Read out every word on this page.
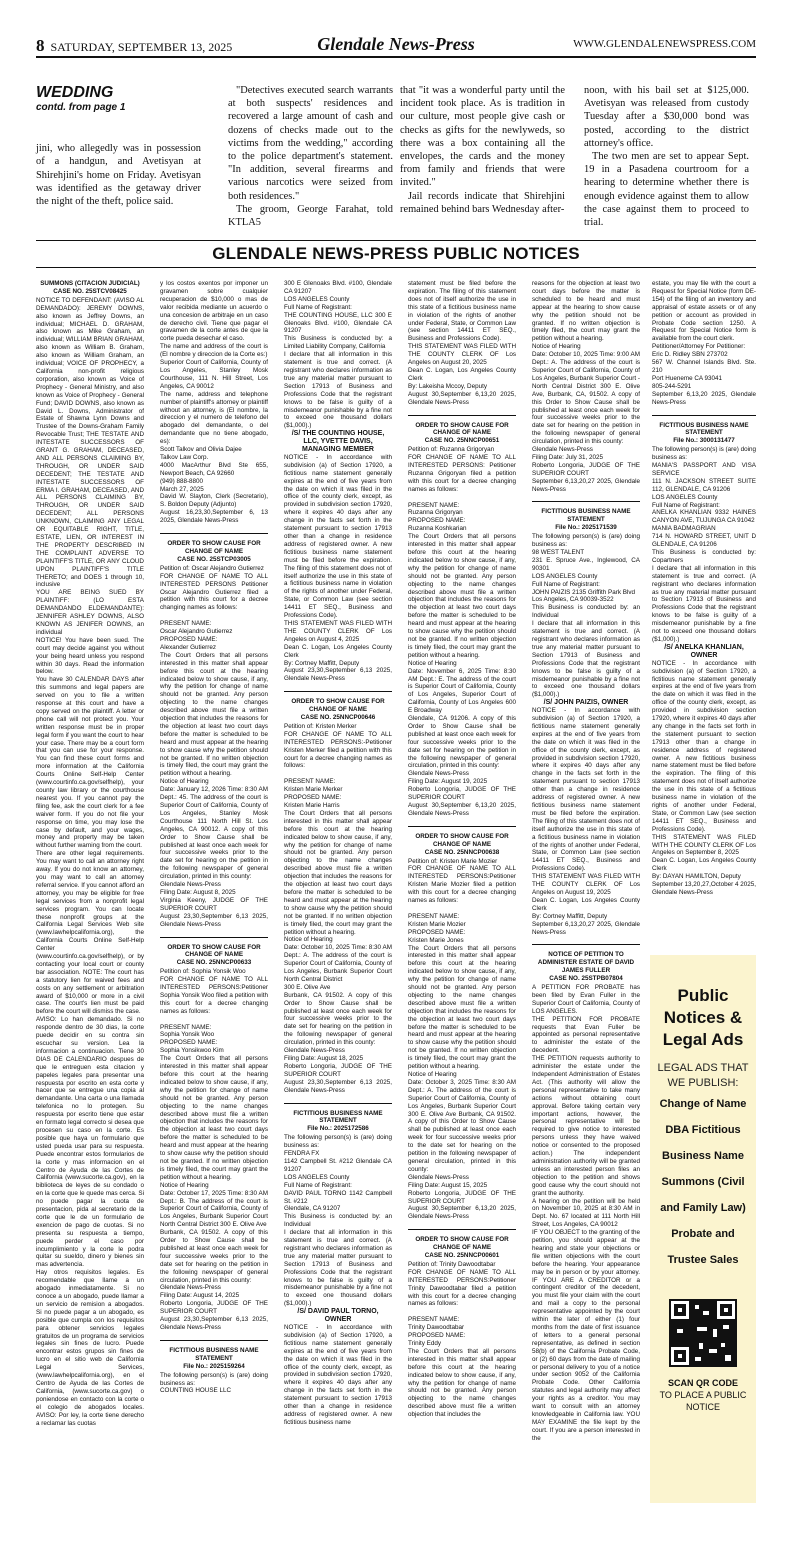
8 SATURDAY, SEPTEMBER 13, 2025	Glendale News-Press	WWW.GLENDALENEWSPRESS.COM
WEDDING
contd. from page 1

jini, who allegedly was in possession of a handgun, and Avetisyan at Shirehjini's home on Friday. Avetisyan was identified as the getaway driver the night of the theft, police said.

"Detectives executed search warrants at both suspects' residences and recovered a large amount of cash and dozens of checks made out to the victims from the wedding," according to the police department's statement. "In addition, several firearms and various narcotics were seized from both residences."

The groom, George Farahat, told KTLA5

that "it was a wonderful party until the incident took place. As is tradition in our culture, most people give cash or checks as gifts for the newlyweds, so there was a box containing all the envelopes, the cards and the money from family and friends that were invited."

Jail records indicate that Shirehjini remained behind bars Wednesday after-

noon, with his bail set at $125,000. Avetisyan was released from custody Tuesday after a $30,000 bond was posted, according to the district attorney's office.

The two men are set to appear Sept. 19 in a Pasadena courtroom for a hearing to determine whether there is enough evidence against them to allow the case against them to proceed to trial.

GLENDALE NEWS-PRESS PUBLIC NOTICES
SUMMONS (CITACION JUDICIAL)
CASE NO. 25STCV08425
NOTICE TO DEFENDANT: (AVISO AL DEMANDADO): JEREMY DOWNS, also known as Jeffrey Downs, an individual; MICHAEL D. GRAHAM, also known as Mike Graham, an individual; WILLIAM BRIAN GRAHAM, also known as William B. Graham, also known as William Graham, an individual; VOICE OF PROPHECY, a California non-profit religious corporation, also known as Voice of Prophecy - General Ministry, and also known as Voice of Prophecy - General Fund; DAVID DOWNS, also known as David L. Downs, Administrator of Estate of Shawna Lynn Downs and Trustee of the Downs-Graham Family Revocable Trust; THE TESTATE AND INTESTATE SUCCESSORS OF GRANT G. GRAHAM, DECEASED, AND ALL PERSONS CLAIMING BY, THROUGH, OR UNDER SAID DECEDENT; THE TESTATE AND INTESTATE SUCCESSORS OF ERMA I. GRAHAM, DECEASED, AND ALL PERSONS CLAIMING BY, THROUGH, OR UNDER SAID DECEDENT; ALL PERSONS UNKNOWN, CLAIMING ANY LEGAL OR EQUITABLE RIGHT, TITLE, ESTATE, LIEN, OR INTEREST IN THE PROPERTY DESCRIBED IN THE COMPLAINT ADVERSE TO PLAINTIFF'S TITLE, OR ANY CLOUD UPON PLAINTIFF'S TITLE THERETO; and DOES 1 through 10, inclusive
YOU ARE BEING SUED BY PLAINTIFF: (LO ESTA DEMANDANDO ELDEMANDANTE): JENNIFER ASHLEY DOWNS, ALSO KNOWN AS JENIFER DOWNS, an individual
NOTICE! You have been sued. The court may decide against you without your being heard unless you respond within 30 days. Read the information below.
You have 30 CALENDAR DAYS after this summons and legal papers are served on you to file a written response at this court and have a copy served on the plaintiff. A letter or phone call will not protect you. Your written response must be in proper legal form if you want the court to hear your case. There may be a court form that you can use for your response. You can find these court forms and more information at the California Courts Online Self-Help Center (www.courtinfo.ca.gov/selfhelp), your county law library or the courthouse nearest you. If you cannot pay the filing fee, ask the court clerk for a fee waiver form. If you do not file your response on time, you may lose the case by default, and your wages, money and property may be taken without further warning from the court.
There are other legal requirements. You may want to call an attorney right away. If you do not know an attorney, you may want to call an attorney referral service. If you cannot afford an attorney, you may be eligible for free legal services from a nonprofit legal services program. You can locate these nonprofit groups at the California Legal Services Web site (www.lawhelpcalifornia.org), the California Courts Online Self-Help Center (www.courtinfo.ca.gov/selfhelp), or by contacting your local court or county bar association. NOTE: The court has a statutory lien for waived fees and costs on any settlement or arbitration award of $10,000 or more in a civil case. The court's lien must be paid before the court will dismiss the case.
AVISO: Lo han demandado. Si no responde dentro de 30 dias, la corte puede decidir en su contra sin escuchar su version. Lea la informacion a continuacion. Tiene 30 DIAS DE CALENDARIO despues de que le entreguen esta citacion y papeles legales para presentar una respuesta por escrito en esta corte y hacer que se entregue una copia al demandante. Una carta o una llamada telefonica no lo protegen. Su respuesta por escrito tiene que estar en formato legal correcto si desea que procesen su caso en la corte. Es posible que haya un formulario que usted pueda usar para su respuesta. Puede encontrar estos formularios de la corte y mas informacion en el Centro de Ayuda de las Cortes de California (www.sucorte.ca.gov), en la biblioteca de leyes de su condado o en la corte que le quede mas cerca. Si no puede pagar la cuota de presentacion, pida al secretario de la corte que le de un formulario de exencion de pago de cuotas. Si no presenta su respuesta a tiempo, puede perder el caso por incumplimiento y la corte le podra quitar su sueldo, dinero y bienes sin mas advertencia.
Hay otros requisitos legales. Es recomendable que llame a un abogado inmediatamente. Si no conoce a un abogado, puede llamar a un servicio de remision a abogados. Si no puede pagar a un abogado, es posible que cumpla con los requisitos para obtener servicios legales gratuitos de un programa de servicios legales sin fines de lucro. Puede encontrar estos grupos sin fines de lucro en el sitio web de California Legal Services, (www.lawhelpcalifornia.org), en el Centro de Ayuda de las Cortes de California, (www.sucorte.ca.gov) o poniendose en contacto con la corte o el colegio de abogados locales. AVISO: Por ley, la corte tiene derecho a reclamar las cuotas
y los costos exentos por imponer un gravamen sobre cualquier recuperacion de $10,000 o mas de valor recibida mediante un acuerdo o una concesion de arbitraje en un caso de derecho civil. Tiene que pagar el gravamen de la corte antes de que la corte pueda desechar el caso.
The name and address of the court is (El nombre y direccion de la Corte es:)
Superior Court of California, County of Los Angeles, Stanley Mosk Courthouse, 111 N. Hill Street, Los Angeles, CA 90012
The name, address and telephone number of plaintiff's attorney or plaintiff without an attorney, is (El nombre, la direccion y el numero de telefono del abogado del demandante, o del demandante que no tiene abogado, es):
Scott Talkov and Olivia Dajee
Talkov Law Corp.
4000 MacArthur Blvd Ste 655, Newport Beach, CA 92660
(949) 888-8800
March 27, 2025
David W. Slayton, Clerk (Secretario), S. Boldon Deputy (Adjunto)
August 16,23,30,September 6, 13 2025, Glendale News-Press
ORDER TO SHOW CAUSE FOR CHANGE OF NAME
CASE NO. 25STCP03005
Petition of: Oscar Alejandro Gutierrez
FOR CHANGE OF NAME TO ALL INTERESTED PERSONS Petitioner Oscar Alejandro Gutierrez filed a petition with this court for a decree changing names as follows:

PRESENT NAME:
Oscar Alejandro Gutierrez
PROPOSED NAME:
Alexander Gutierrez
The Court Orders that all persons interested in this matter shall appear before this court at the hearing indicated below to show cause, if any, why the petition for change of name should not be granted. Any person objecting to the name changes described above must file a written objection that includes the reasons for the objection at least two court days before the matter is scheduled to be heard and must appear at the hearing to show cause why the petition should not be granted. If no written objection is timely filed, the court may grant the petition without a hearing.
Notice of Hearing
Date: January 12, 2026 Time: 8:30 AM Dept.: 45. The address of the court is Superior Court of California, County of Los Angeles, Stanley Mosk Courthouse 111 North Hill St. Los Angeles, CA 90012. A copy of this Order to Show Cause shall be published at least once each week for four successive weeks prior to the date set for hearing on the petition in the following newspaper of general circulation, printed in this county:
Glendale News-Press
Filing Date: August 8, 2025
Virginia Keeny, JUDGE OF THE SUPERIOR COURT
August 23,30,September 6,13 2025, Glendale News-Press
ORDER TO SHOW CAUSE FOR CHANGE OF NAME
CASE NO. 25NNCP00633
Petition of: Sophia Yonsik Woo
FOR CHANGE OF NAME TO ALL INTERESTED PERSONS:Petitioner Sophia Yonsik Woo filed a petition with this court for a decree changing names as follows:

PRESENT NAME:
Sophia Yonsik Woo
PROPOSED NAME:
Sophia Yonsikwoo Kim
The Court Orders that all persons interested in this matter shall appear before this court at the hearing indicated below to show cause, if any, why the petition for change of name should not be granted. Any person objecting to the name changes described above must file a written objection that includes the reasons for the objection at least two court days before the matter is scheduled to be heard and must appear at the hearing to show cause why the petition should not be granted. If no written objection is timely filed, the court may grant the petition without a hearing.
Notice of Hearing
Date: October 17, 2025 Time: 8:30 AM Dept.: B. The address of the court is Superior Court of California, County of Los Angeles, Burbank Superior Court North Central District 300 E. Olive Ave
Burbank, CA 91502. A copy of this Order to Show Cause shall be published at least once each week for four successive weeks prior to the date set for hearing on the petition in the following newspaper of general circulation, printed in this county:
Glendale News-Press
Filing Date: August 14, 2025
Roberto Longoria, JUDGE OF THE SUPERIOR COURT
August 23,30,September 6,13 2025, Glendale News-Press
FICTITIOUS BUSINESS NAME STATEMENT
File No.: 2025159264
The following person(s) is (are) doing business as:
COUNTING HOUSE LLC
300 E Glenoaks Blvd. #100, Glendale CA 91207
LOS ANGELES County
Full Name of Registrant:
THE COUNTING HOUSE, LLC 300 E Glenoaks Blvd. #100, Glendale CA 91207
This Business is conducted by: a Limited Liability Company, California
I declare that all information in this statement is true and correct. (A registrant who declares information as true any material matter pursuant to Section 17913 of Business and Professions Code that the registrant knows to be false is guilty of a misdemeanor punishable by a fine not to exceed one thousand dollars ($1,000).)
/S/ THE COUNTING HOUSE, LLC, YVETTE DAVIS, MANAGING MEMBER
NOTICE - In accordance with subdivision (a) of Section 17920, a fictitious name statement generally expires at the end of five years from the date on which it was filed in the office of the county clerk, except, as provided in subdivision section 17920, where it expires 40 days after any change in the facts set forth in the statement pursuant to section 17913 other than a change in residence address of registered owner. A new fictitious business name statement must be filed before the expiration. The filing of this statement does not of itself authorize the use in this state of a fictitious business name in violation of the rights of another under Federal, State, or Common Law (see section 14411 ET SEQ., Business and Professions Code).
THIS STATEMENT WAS FILED WITH THE COUNTY CLERK OF Los Angeles on August 4, 2025
Dean C. Logan, Los Angeles County Clerk
By: Cortney Maffitt, Deputy
August 23,30,September 6,13 2025, Glendale News-Press
ORDER TO SHOW CAUSE FOR CHANGE OF NAME
CASE NO. 25NNCP00646
Petition of: Kristen Merker
FOR CHANGE OF NAME TO ALL INTERESTED PERSONS:-Petitioner Kristen Merker filed a petition with this court for a decree changing names as follows:

PRESENT NAME:
Kristen Marie Merker
PROPOSED NAME:
Kristen Marie Harris
The Court Orders that all persons interested in this matter shall appear before this court at the hearing indicated below to show cause, if any, why the petition for change of name should not be granted. Any person objecting to the name changes described above must file a written objection that includes the reasons for the objection at least two court days before the matter is scheduled to be heard and must appear at the hearing to show cause why the petition should not be granted. If no written objection is timely filed, the court may grant the petition without a hearing.
Notice of Hearing
Date: October 10, 2025 Time: 8:30 AM Dept.: A. The address of the court is Superior Court of California, County of Los Angeles, Burbank Superior Court North Central District
300 E. Olive Ave
Burbank, CA 91502. A copy of this Order to Show Cause shall be published at least once each week for four successive weeks prior to the date set for hearing on the petition in the following newspaper of general circulation, printed in this county:
Glendale News-Press
Filing Date: August 18, 2025
Roberto Longoria, JUDGE OF THE SUPERIOR COURT
August 23,30,September 6,13 2025, Glendale News-Press
FICTITIOUS BUSINESS NAME STATEMENT
File No.: 2025172586
The following person(s) is (are) doing business as:
FENDRA FX
1142 Campbell St. #212 Glendale CA 91207
LOS ANGELES County
Full Name of Registrant:
DAVID PAUL TORNO 1142 Campbell St. #212
Glendale, CA 91207
This Business is conducted by: an Individual
I declare that all information in this statement is true and correct. (A registrant who declares information as true any material matter pursuant to Section 17913 of Business and Professions Code that the registrant knows to be false is guilty of a misdemeanor punishable by a fine not to exceed one thousand dollars ($1,000).)
/S/ DAVID PAUL TORNO, OWNER
NOTICE - In accordance with subdivision (a) of Section 17920, a fictitious name statement generally expires at the end of five years from the date on which it was filed in the office of the county clerk, except, as provided in subdivision section 17920, where it expires 40 days after any change in the facts set forth in the statement pursuant to section 17913 other than a change in residence address of registered owner. A new fictitious business name
statement must be filed before the expiration. The filing of this statement does not of itself authorize the use in this state of a fictitious business name in violation of the rights of another under Federal, State, or Common Law (see section 14411 ET SEQ., Business and Professions Code).
THIS STATEMENT WAS FILED WITH THE COUNTY CLERK OF Los Angeles on August 20, 2025
Dean C. Logan, Los Angeles County Clerk
By: Lakeisha Mccoy, Deputy
August 30,September 6,13,20 2025, Glendale News-Press
ORDER TO SHOW CAUSE FOR CHANGE OF NAME
CASE NO. 25NNCP00651
Petition of: Ruzanna Grigoryan
FOR CHANGE OF NAME TO ALL INTERESTED PERSONS: Petitioner Ruzanna Grigoryan filed a petition with this court for a decree changing names as follows:

PRESENT NAME:
Ruzanna Grigoryan
PROPOSED NAME:
Ruzanna Koshkarian
The Court Orders that all persons interested in this matter shall appear before this court at the hearing indicated below to show cause, if any, why the petition for change of name should not be granted. Any person objecting to the name changes described above must file a written objection that includes the reasons for the objection at least two court days before the matter is scheduled to be heard and must appear at the hearing to show cause why the petition should not be granted. If no written objection is timely filed, the court may grant the petition without a hearing.
Notice of Hearing
Date: November 6, 2025 Time: 8:30 AM Dept.: E. The address of the court is Superior Court of California, County of Los Angeles, Superior Court of California, County of Los Angeles 600 E Broadway
Glendale, CA 91206. A copy of this Order to Show Cause shall be published at least once each week for four successive weeks prior to the date set for hearing on the petition in the following newspaper of general circulation, printed in this county:
Glendale News-Press
Filing Date: August 19, 2025
Roberto Longoria, JUDGE OF THE SUPERIOR COURT
August 30,September 6,13,20 2025, Glendale News-Press
ORDER TO SHOW CAUSE FOR CHANGE OF NAME
CASE NO. 25NNCP00638
Petition of: Kristen Marie Mozier
FOR CHANGE OF NAME TO ALL INTERESTED PERSONS:Petitioner Kristen Marie Mozier filed a petition with this court for a decree changing names as follows:

PRESENT NAME:
Kristen Marie Mozier
PROPOSED NAME:
Kristen Marie Jones
The Court Orders that all persons interested in this matter shall appear before this court at the hearing indicated below to show cause, if any, why the petition for change of name should not be granted. Any person objecting to the name changes described above must file a written objection that includes the reasons for the objection at least two court days before the matter is scheduled to be heard and must appear at the hearing to show cause why the petition should not be granted. If no written objection is timely filed, the court may grant the petition without a hearing.
Notice of Hearing
Date: October 3, 2025 Time: 8:30 AM Dept.: A. The address of the court is Superior Court of California, County of Los Angeles, Burbank Superior Court 300 E. Olive Ave Burbank, CA 91502. A copy of this Order to Show Cause shall be published at least once each week for four successive weeks prior to the date set for hearing on the petition in the following newspaper of general circulation, printed in this county:
Glendale News-Press
Filing Date: August 15, 2025
Roberto Longoria, JUDGE OF THE SUPERIOR COURT
August 30,September 6,13,20 2025, Glendale News-Press
ORDER TO SHOW CAUSE FOR CHANGE OF NAME
CASE NO. 25NNCP00601
Petition of: Trinity Dawoodtabar
FOR CHANGE OF NAME TO ALL INTERESTED PERSONS:Petitioner Trinity Dawoodtabar filed a petition with this court for a decree changing names as follows:

PRESENT NAME:
Trinity Dawoodtabar
PROPOSED NAME:
Trinity Eddy
The Court Orders that all persons interested in this matter shall appear before this court at the hearing indicated below to show cause, if any, why the petition for change of name should not be granted. Any person objecting to the name changes described above must file a written objection that includes the
reasons for the objection at least two court days before the matter is scheduled to be heard and must appear at the hearing to show cause why the petition should not be granted. If no written objection is timely filed, the court may grant the petition without a hearing.
Notice of Hearing
Date: October 10, 2025 Time: 9:00 AM Dept.: A. The address of the court is Superior Court of California, County of Los Angeles, Burbank Superior Court - North Central District 300 E. Olive Ave, Burbank, CA, 91502. A copy of this Order to Show Cause shall be published at least once each week for four successive weeks prior to the date set for hearing on the petition in the following newspaper of general circulation, printed in this county:
Glendale News-Press
Filing Date: July 31, 2025
Roberto Longoria, JUDGE OF THE SUPERIOR COURT
September 6,13,20,27 2025, Glendale News-Press
FICTITIOUS BUSINESS NAME STATEMENT
File No.: 2025171539
The following person(s) is (are) doing business as:
98 WEST TALENT
231 E. Spruce Ave., Inglewood, CA 90301
LOS ANGELES County
Full Name of Registrant:
JOHN PAIZIS 2135 Griffith Park Blvd
Los Angeles, CA 90039-3522
This Business is conducted by: an Individual
I declare that all information in this statement is true and correct. (A registrant who declares information as true any material matter pursuant to Section 17913 of Business and Professions Code that the registrant knows to be false is guilty of a misdemeanor punishable by a fine not to exceed one thousand dollars ($1,000).)
/S/ JOHN PAIZIS, OWNER
NOTICE - In accordance with subdivision (a) of Section 17920, a fictitious name statement generally expires at the end of five years from the date on which it was filed in the office of the county clerk, except, as provided in subdivision section 17920, where it expires 40 days after any change in the facts set forth in the statement pursuant to section 17913 other than a change in residence address of registered owner. A new fictitious business name statement must be filed before the expiration. The filing of this statement does not of itself authorize the use in this state of a fictitious business name in violation of the rights of another under Federal, State, or Common Law (see section 14411 ET SEQ., Business and Professions Code).
THIS STATEMENT WAS FILED WITH THE COUNTY CLERK OF Los Angeles on August 19, 2025
Dean C. Logan, Los Angeles County Clerk
By: Cortney Maffitt, Deputy
September 6,13,20,27 2025, Glendale News-Press
NOTICE OF PETITION TO ADMINISTER ESTATE OF DAVID JAMES FULLER
CASE NO. 25STPB07804
A PETITION FOR PROBATE has been filed by Evan Fuller in the Superior Court of California, County of LOS ANGELES.
THE PETITION FOR PROBATE requests that Evan Fuller be appointed as personal representative to administer the estate of the decedent.
THE PETITION requests authority to administer the estate under the Independent Administration of Estates Act. (This authority will allow the personal representative to take many actions without obtaining court approval. Before taking certain very important actions, however, the personal representative will be required to give notice to interested persons unless they have waived notice or consented to the proposed action.) The independent administration authority will be granted unless an interested person files an objection to the petition and shows good cause why the court should not grant the authority.
A hearing on the petition will be held on November 10, 2025 at 8:30 AM in Dept. No. 67 located at 111 North Hill Street, Los Angeles, CA 90012
IF YOU OBJECT to the granting of the petition, you should appear at the hearing and state your objections or file written objections with the court before the hearing. Your appearance may be in person or by your attorney. IF YOU ARE A CREDITOR or a contingent creditor of the decedent, you must file your claim with the court and mail a copy to the personal representative appointed by the court within the later of either (1) four months from the date of first issuance of letters to a general personal representative, as defined in section 58(b) of the California Probate Code, or (2) 60 days from the date of mailing or personal delivery to you of a notice under section 9052 of the California Probate Code. Other California statutes and legal authority may affect your rights as a creditor. You may want to consult with an attorney knowledgeable in California law. YOU MAY EXAMINE the file kept by the court. If you are a person interested in the
estate, you may file with the court a Request for Special Notice (form DE-154) of the filing of an inventory and appraisal of estate assets or of any petition or account as provided in Probate Code section 1250. A Request for Special Notice form is available from the court clerk.
Petitioner/Attorney For Petitioner:
Eric D. Ridley SBN 273702
567 W. Channel Islands Blvd. Ste. 210
Port Hueneme CA 93041
805-244-5291
September 6,13,20 2025, Glendale News-Press
FICTITIOUS BUSINESS NAME STATEMENT
File No.: 3000131477
The following person(s) is (are) doing business as:
MANIA'S PASSPORT AND VISA SERVICE
111 N. JACKSON STREET SUITE 112, GLENDALE, CA 91206
LOS ANGELES County
Full Name of Registrant:
ANELKA KHANLIAN 9332 HAINES CANYON AVE, TUJUNGA CA 91042
MANIA BADMAGRIAN
714 N. HOWARD STREET, UNIT D GLENDALE, CA 91206
This Business is conducted by: Copartners
I declare that all information in this statement is true and correct. (A registrant who declares information as true any material matter pursuant to Section 17913 of Business and Professions Code that the registrant knows to be false is guilty of a misdemeanor punishable by a fine not to exceed one thousand dollars ($1,000).)
/S/ ANELKA KHANLIAN, OWNER
NOTICE - In accordance with subdivision (a) of Section 17920, a fictitious name statement generally expires at the end of five years from the date on which it was filed in the office of the county clerk, except, as provided in subdivision section 17920, where it expires 40 days after any change in the facts set forth in the statement pursuant to section 17913 other than a change in residence address of registered owner. A new fictitious business name statement must be filed before the expiration. The filing of this statement does not of itself authorize the use in this state of a fictitious business name in violation of the rights of another under Federal, State, or Common Law (see section 14411 ET SEQ., Business and Professions Code).
THIS STATEMENT WAS FILED WITH THE COUNTY CLERK OF Los Angeles on September 8, 2025
Dean C. Logan, Los Angeles County Clerk
By: DAYAN HAMILTON, Deputy
September 13,20,27,October 4 2025, Glendale News-Press
Public Notices & Legal Ads
LEGAL ADS THAT WE PUBLISH:
Change of Name
DBA Fictitious
Business Name
Summons (Civil
and Family Law)
Probate and
Trustee Sales
SCAN QR CODE
TO PLACE A PUBLIC NOTICE
